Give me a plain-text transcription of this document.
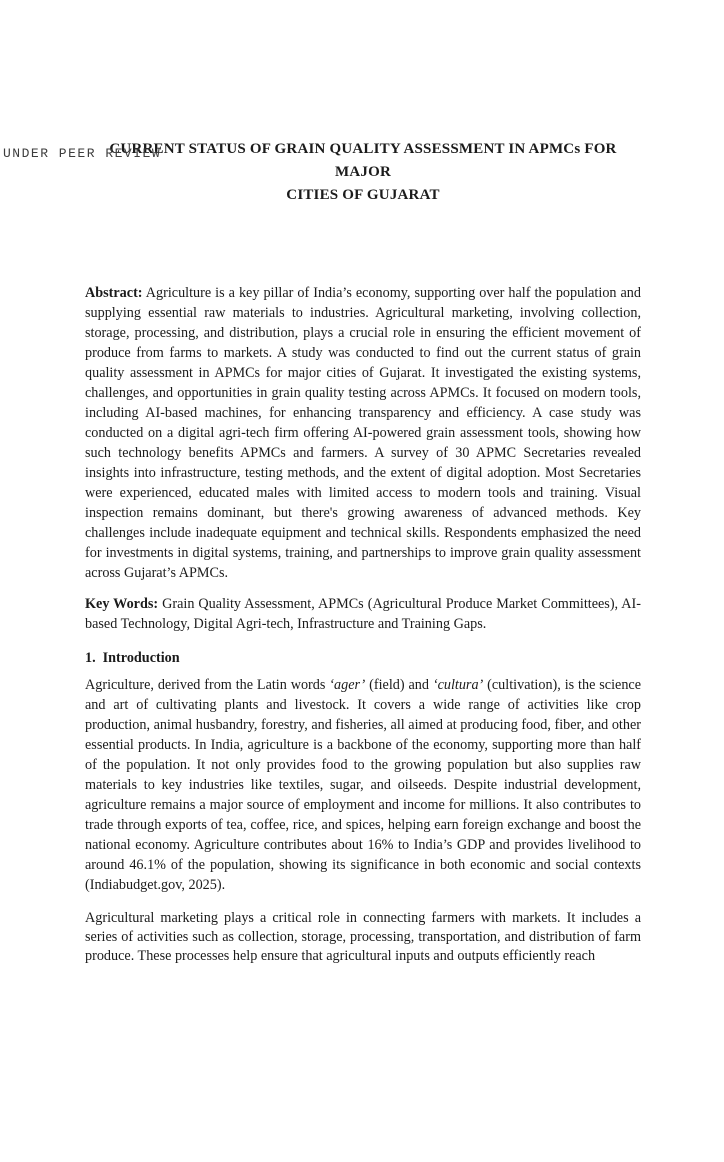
UNDER PEER REVIEW
CURRENT STATUS OF GRAIN QUALITY ASSESSMENT IN APMCs FOR MAJOR
CITIES OF GUJARAT

Abstract: Agriculture is a key pillar of India’s economy, supporting over half the population and supplying essential raw materials to industries. Agricultural marketing, involving collection, storage, processing, and distribution, plays a crucial role in ensuring the efficient movement of produce from farms to markets. A study was conducted to find out the current status of grain quality assessment in APMCs for major cities of Gujarat. It investigated the existing systems, challenges, and opportunities in grain quality testing across APMCs. It focused on modern tools, including AI-based machines, for enhancing transparency and efficiency. A case study was conducted on a digital agri-tech firm offering AI-powered grain assessment tools, showing how such technology benefits APMCs and farmers. A survey of 30 APMC Secretaries revealed insights into infrastructure, testing methods, and the extent of digital adoption. Most Secretaries were experienced, educated males with limited access to modern tools and training. Visual inspection remains dominant, but there's growing awareness of advanced methods. Key challenges include inadequate equipment and technical skills. Respondents emphasized the need for investments in digital systems, training, and partnerships to improve grain quality assessment across Gujarat’s APMCs.

Key Words: Grain Quality Assessment, APMCs (Agricultural Produce Market Committees), AI-based Technology, Digital Agri-tech, Infrastructure and Training Gaps.

1. Introduction

Agriculture, derived from the Latin words ‘ager’ (field) and ‘cultura’ (cultivation), is the science and art of cultivating plants and livestock. It covers a wide range of activities like crop production, animal husbandry, forestry, and fisheries, all aimed at producing food, fiber, and other essential products. In India, agriculture is a backbone of the economy, supporting more than half of the population. It not only provides food to the growing population but also supplies raw materials to key industries like textiles, sugar, and oilseeds. Despite industrial development, agriculture remains a major source of employment and income for millions. It also contributes to trade through exports of tea, coffee, rice, and spices, helping earn foreign exchange and boost the national economy. Agriculture contributes about 16% to India’s GDP and provides livelihood to around 46.1% of the population, showing its significance in both economic and social contexts (Indiabudget.gov, 2025).

Agricultural marketing plays a critical role in connecting farmers with markets. It includes a series of activities such as collection, storage, processing, transportation, and distribution of farm produce. These processes help ensure that agricultural inputs and outputs efficiently reach
